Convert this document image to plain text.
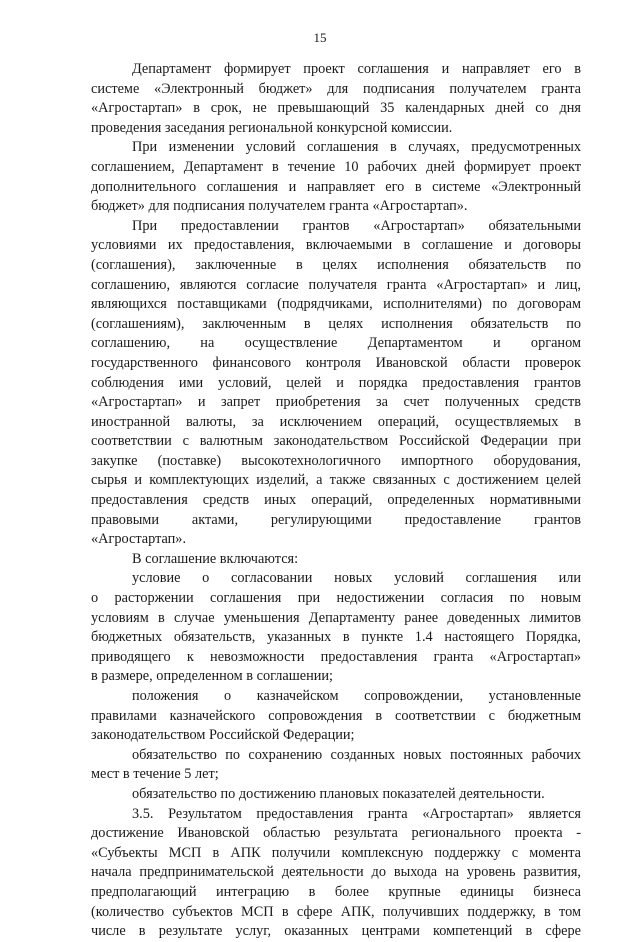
15
Департамент формирует проект соглашения и направляет его в
системе «Электронный бюджет» для подписания получателем гранта
«Агростартап» в срок, не превышающий 35 календарных дней со дня
проведения заседания региональной конкурсной комиссии.
При изменении условий соглашения в случаях, предусмотренных
соглашением, Департамент в течение 10 рабочих дней формирует проект
дополнительного соглашения и направляет его в системе «Электронный
бюджет» для подписания получателем гранта «Агростартап».
При предоставлении грантов «Агростартап» обязательными
условиями их предоставления, включаемыми в соглашение и договоры
(соглашения), заключенные в целях исполнения обязательств по
соглашению, являются согласие получателя гранта «Агростартап» и лиц,
являющихся поставщиками (подрядчиками, исполнителями) по договорам
(соглашениям), заключенным в целях исполнения обязательств по
соглашению, на осуществление Департаментом и органом
государственного финансового контроля Ивановской области проверок
соблюдения ими условий, целей и порядка предоставления грантов
«Агростартап» и запрет приобретения за счет полученных средств
иностранной валюты, за исключением операций, осуществляемых в
соответствии с валютным законодательством Российской Федерации при
закупке (поставке) высокотехнологичного импортного оборудования,
сырья и комплектующих изделий, а также связанных с достижением целей
предоставления средств иных операций, определенных нормативными
правовыми актами, регулирующими предоставление грантов
«Агростартап».
В соглашение включаются:
условие о согласовании новых условий соглашения или
о расторжении соглашения при недостижении согласия по новым
условиям в случае уменьшения Департаменту ранее доведенных лимитов
бюджетных обязательств, указанных в пункте 1.4 настоящего Порядка,
приводящего к невозможности предоставления гранта «Агростартап»
в размере, определенном в соглашении;
положения о казначейском сопровождении, установленные
правилами казначейского сопровождения в соответствии с бюджетным
законодательством Российской Федерации;
обязательство по сохранению созданных новых постоянных рабочих
мест в течение 5 лет;
обязательство по достижению плановых показателей деятельности.
3.5. Результатом предоставления гранта «Агростартап» является
достижение Ивановской областью результата регионального проекта -
«Субъекты МСП в АПК получили комплексную поддержку с момента
начала предпринимательской деятельности до выхода на уровень развития,
предполагающий интеграцию в более крупные единицы бизнеса
(количество субъектов МСП в сфере АПК, получивших поддержку, в том
числе в результате услуг, оказанных центрами компетенций в сфере
